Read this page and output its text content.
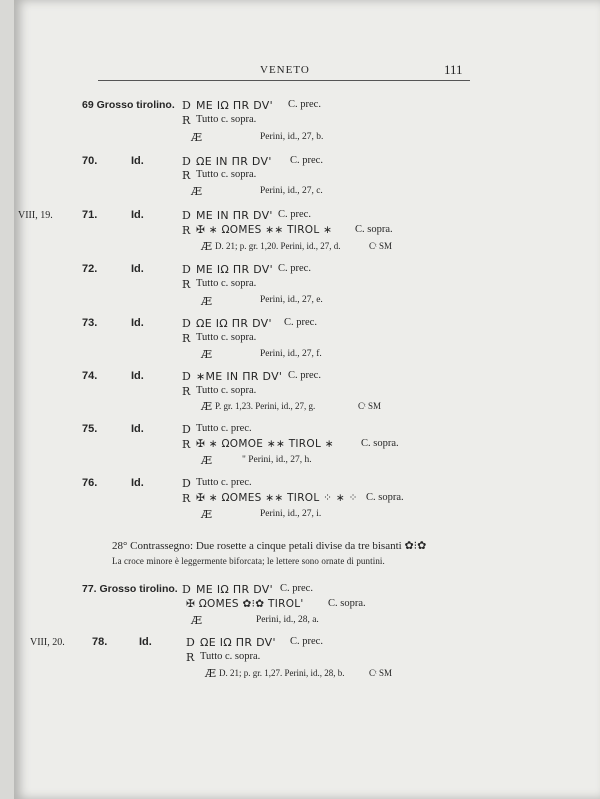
VENETO	111
69 Grosso tirolino. D ME IΩ ΠR DV' C. prec.
R Tutto c. sopra.
Æ	Perini, id., 27, b.
70.	Id.	D ΩΕ IN ΠR DV' C. prec.
R Tutto c. sopra.
Æ	Perini, id., 27, c.
VIII, 19.	71.	Id.	D ME IN ΠR DV' C. prec.
R ✠ ∗ ΩΟΜΕS ∗∗ TIROL ∗ C. sopra.
Æ D. 21; p. gr. 1,20. Perini, id., 27, d.	Cᵗ SM
72.	Id.	D ME IΩ ΠR DV' C. prec.
R Tutto c. sopra.
Æ	Perini, id., 27, e.
73.	Id.	D ΩΕ IΩ ΠR DV' C. prec.
R Tutto c. sopra.
Æ	Perini, id., 27, f.
74.	Id.	D ∗ME IN ΠR DV' C. prec.
R Tutto c. sopra.
Æ P. gr. 1,23. Perini, id., 27, g.	Cᵗ SM
75.	Id.	D Tutto c. prec.
R ✠ ∗ ΩΟΜΟΕ ∗∗ TIROL ∗	C. sopra.
Æ	" Perini, id., 27, h.
76.	Id.	D Tutto c. prec.
R ✠ ∗ ΩΟΜΕS ∗∗ TIROL ⁘ ∗ ⁘ C. sopra.
Æ	Perini, id., 27, i.
28° Contrassegno: Due rosette a cinque petali divise da tre bisanti ✿⁝✿
La croce minore è leggermente biforcata; le lettere sono ornate di puntini.
77. Grosso tirolino. D ME IΩ ΠR DV' C. prec.
✠ ΩΟΜΕS ✿⁝✿ TIROL' C. sopra.
Æ	Perini, id., 28, a.
VIII, 20. 78.	Id.	D ΩΕ IΩ ΠR DV' C. prec.
R Tutto c. sopra.
Æ D. 21; p. gr. 1,27. Perini, id., 28, b.	Cᵗ SM
